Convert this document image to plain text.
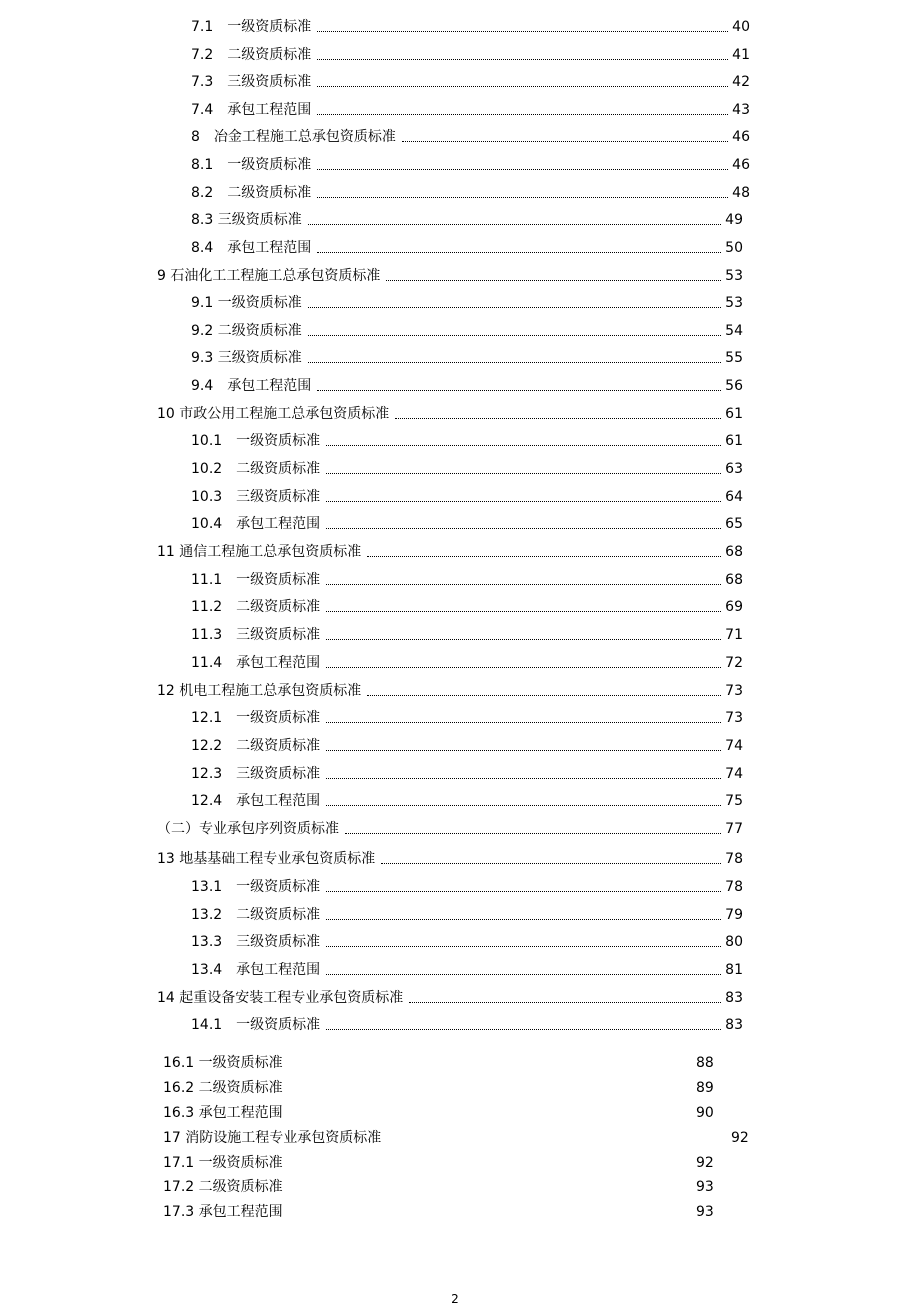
7.1　一级资质标准	40
7.2　二级资质标准	41
7.3　三级资质标准	42
7.4　承包工程范围	43
8　冶金工程施工总承包资质标准	46
8.1　一级资质标准	46
8.2　二级资质标准	48
8.3 三级资质标准	49
8.4　承包工程范围	50
9 石油化工工程施工总承包资质标准	53
9.1 一级资质标准	53
9.2 二级资质标准	54
9.3 三级资质标准	55
9.4　承包工程范围	56
10 市政公用工程施工总承包资质标准	61
10.1　一级资质标准	61
10.2　二级资质标准	63
10.3　三级资质标准	64
10.4　承包工程范围	65
11 通信工程施工总承包资质标准	68
11.1　一级资质标准	68
11.2　二级资质标准	69
11.3　三级资质标准	71
11.4　承包工程范围	72
12 机电工程施工总承包资质标准	73
12.1　一级资质标准	73
12.2　二级资质标准	74
12.3　三级资质标准	74
12.4　承包工程范围	75
（二）专业承包序列资质标准	77
13 地基基础工程专业承包资质标准	78
13.1　一级资质标准	78
13.2　二级资质标准	79
13.3　三级资质标准	80
13.4　承包工程范围	81
14 起重设备安装工程专业承包资质标准	83
14.1　一级资质标准	83
16.1 一级资质标准	88
16.2 二级资质标准	89
16.3 承包工程范围	90
17 消防设施工程专业承包资质标准	92
17.1 一级资质标准	92
17.2 二级资质标准	93
17.3 承包工程范围	93
2
